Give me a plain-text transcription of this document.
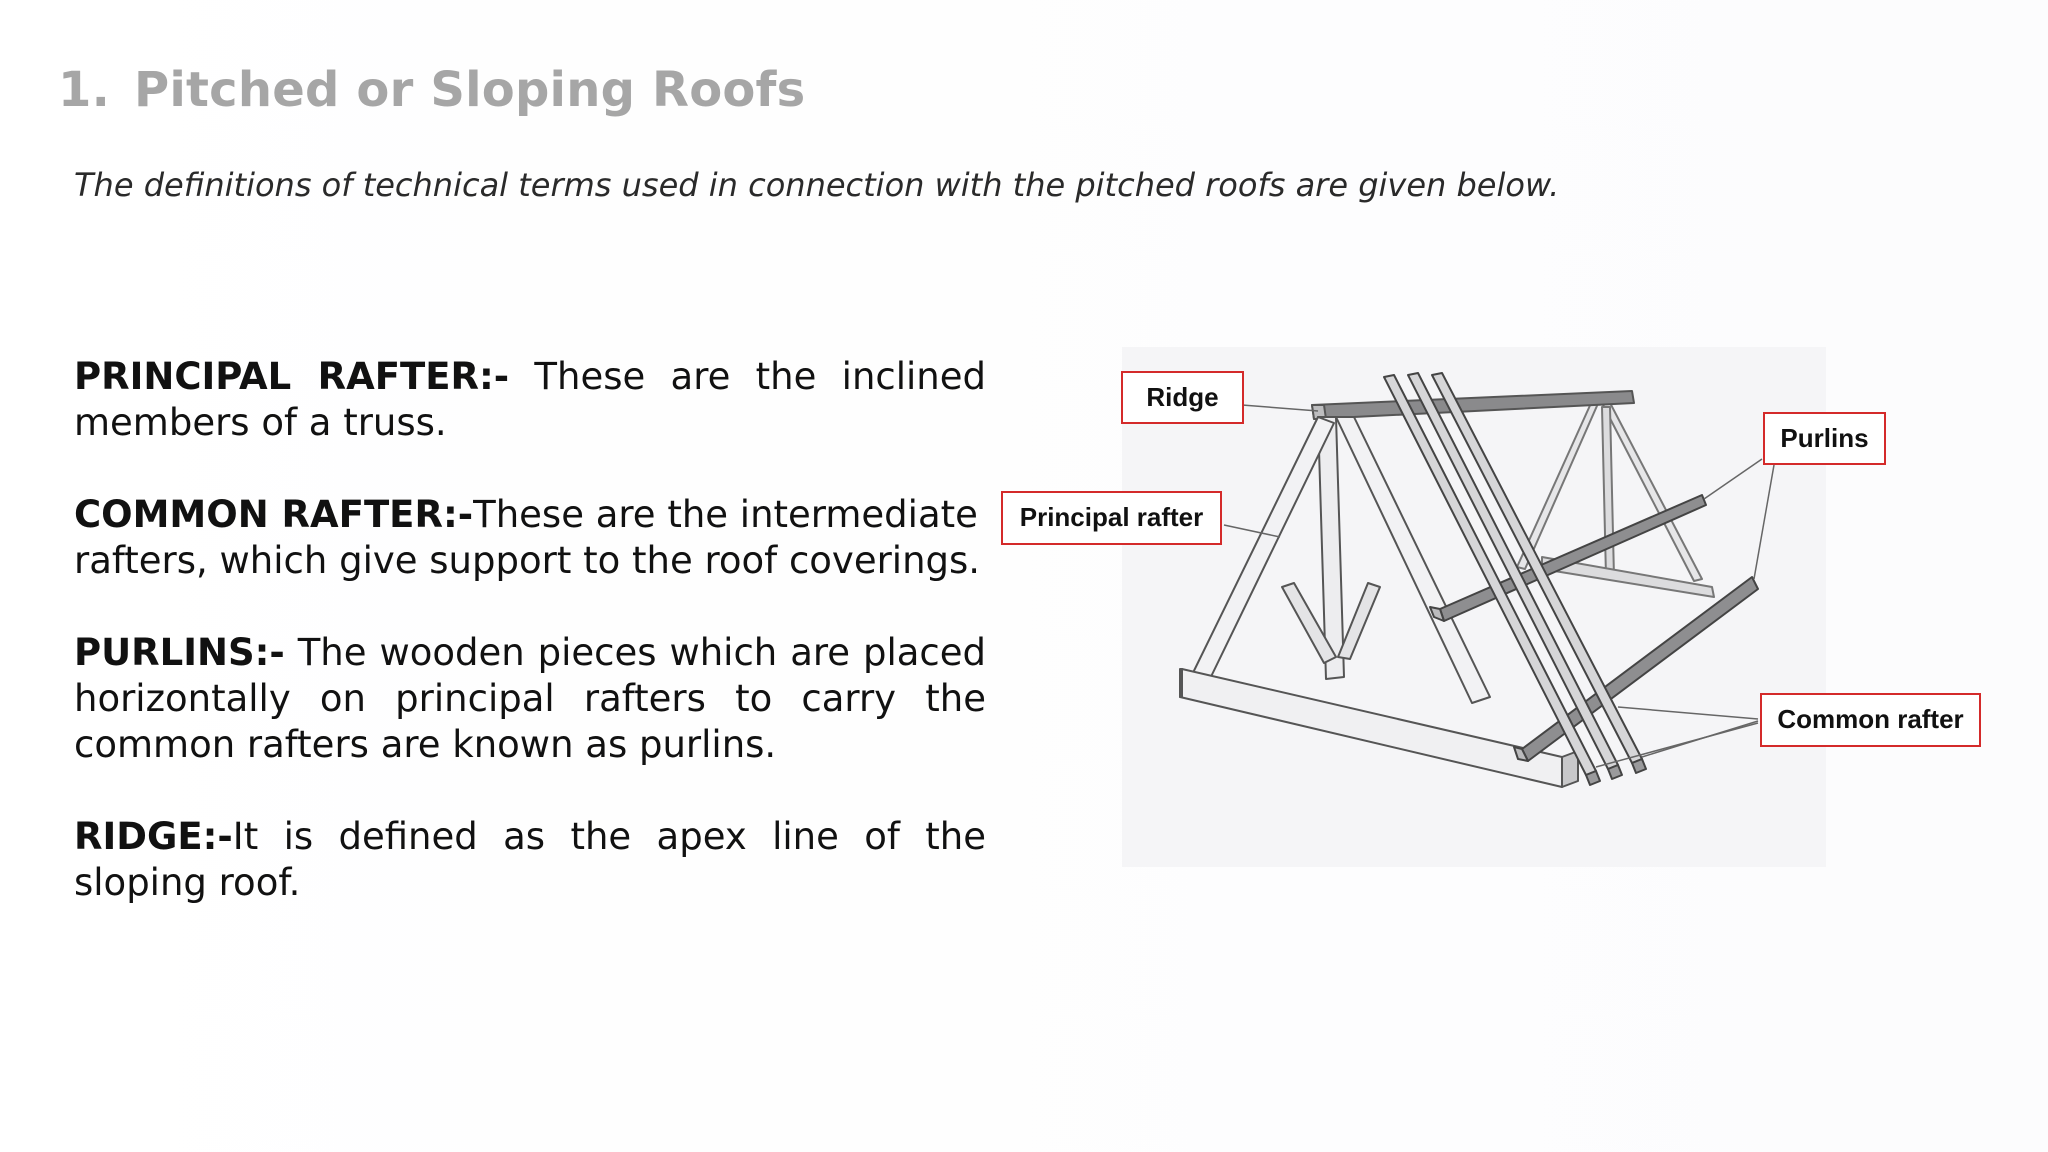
1. Pitched or Sloping Roofs
The definitions of technical terms used in connection with the pitched roofs are given below.

PRINCIPAL RAFTER:- These are the inclined members of a truss.

COMMON RAFTER:-These are the intermediate rafters, which give support to the roof coverings.

PURLINS:- The wooden pieces which are placed horizontally on principal rafters to carry the common rafters are known as purlins.

RIDGE:-It is defined as the apex line of the sloping roof.

Ridge
Principal rafter
Purlins
Common rafter
